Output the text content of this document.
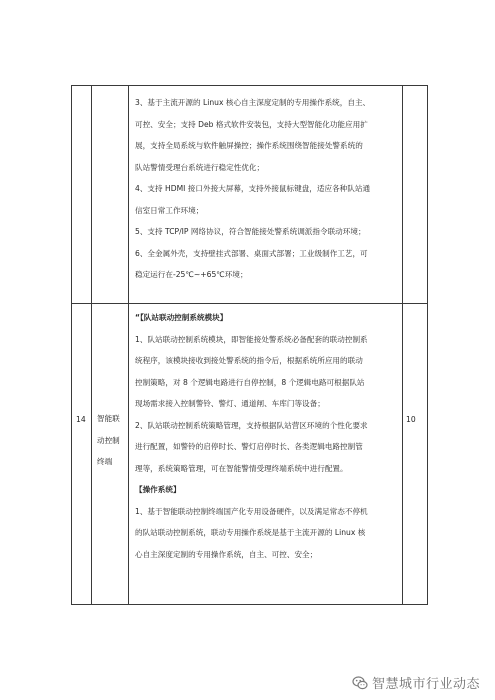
3、基于主流开源的 Linux 核心自主深度定制的专用操作系统，自主、

可控、安全；支持 Deb 格式软件安装包，支持大型智能化功能应用扩

展，支持全局系统与软件触屏操控；操作系统围绕智能接处警系统的

队站警情受理台系统进行稳定性优化；

4、支持 HDMI 接口外接大屏幕，支持外接鼠标键盘，适应各种队站通

信室日常工作环境；

5、支持 TCP/IP 网络协议，符合智能接处警系统调派指令联动环境；

6、全金属外壳，支持壁挂式部署、桌面式部署；工业级制作工艺，可

稳定运行在-25℃~+65℃环境；

14 智能联
动控制
终端
10

“【队站联动控制系统模块】

1、队站联动控制系统模块，即智能接处警系统必备配套的联动控制系

统程序，该模块接收到接处警系统的指令后，根据系统所应用的联动

控制策略，对 8 个逻辑电路进行自停控制，8 个逻辑电路可根据队站

现场需求接入控制警铃、警灯、通道闸、车库门等设备；

2、队站联动控制系统策略管理，支持根据队站营区环境的个性化要求

进行配置，如警铃的启停时长、警灯启停时长、各类逻辑电路控制管

理等，系统策略管理，可在智能警情受理终端系统中进行配置。

【操作系统】

1、基于智能联动控制终端国产化专用设备硬件，以及满足常态不停机

的队站联动控制系统，联动专用操作系统是基于主流开源的 Linux 核

心自主深度定制的专用操作系统，自主、可控、安全；

智慧城市行业动态
